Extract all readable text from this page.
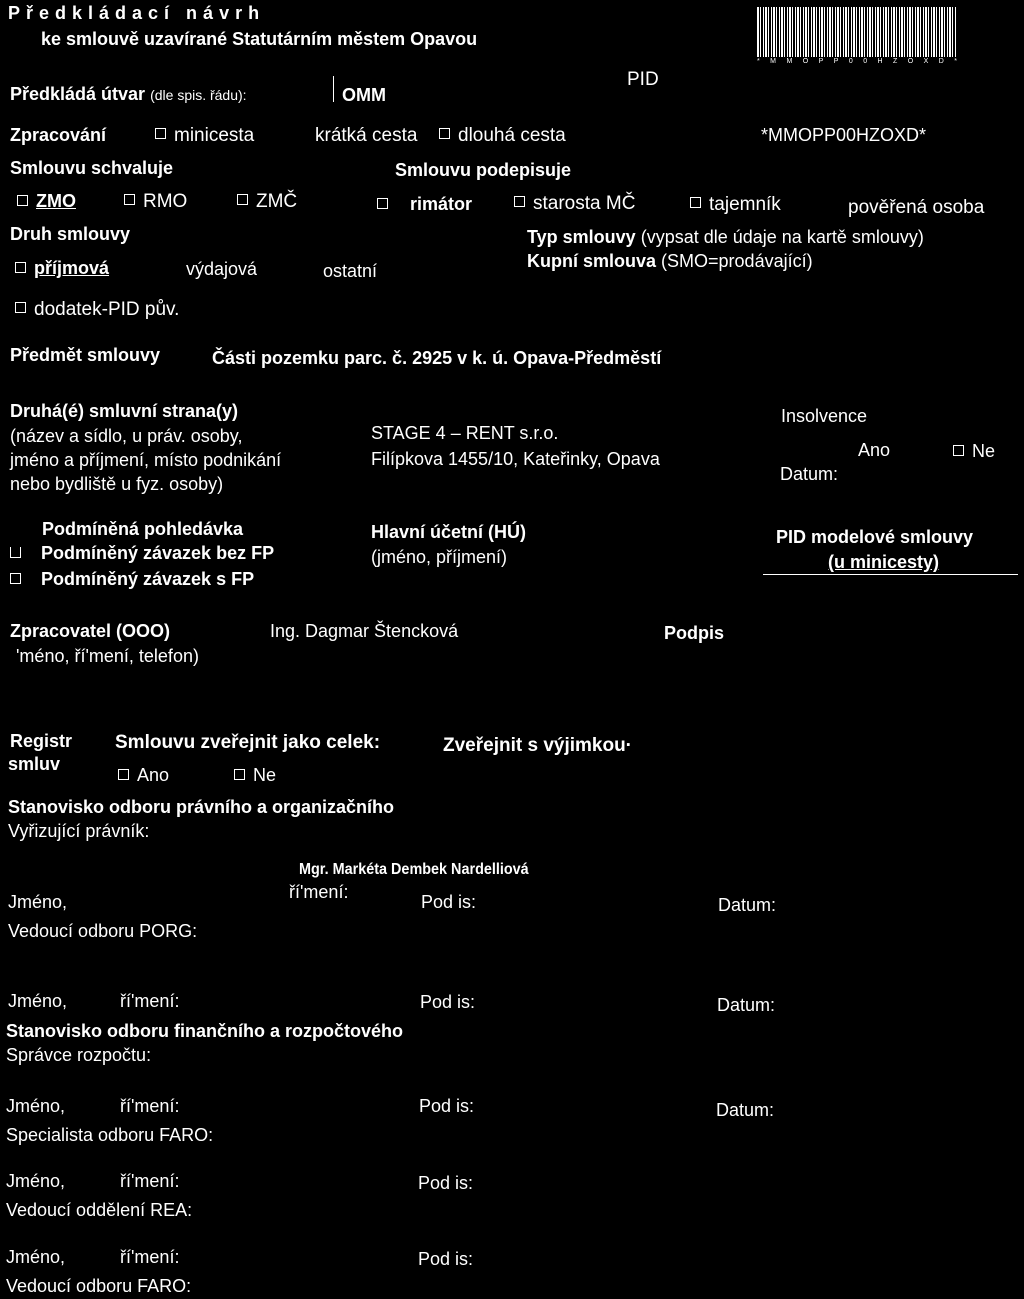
Předkládací návrh
ke smlouvě uzavírané Statutárním městem Opavou
* M M O P P 0 0 H Z O X D *
PID
Předkládá útvar (dle spis. řádu):	OMM
Zpracování	minicesta	krátká cesta	dlouhá cesta	*MMOPP00HZOXD*
Smlouvu schvaluje	Smlouvu podepisuje
ZMO	RMO	ZMČ	rimátor	starosta MČ	tajemník	pověřená osoba
Druh smlouvy	Typ smlouvy (vypsat dle údaje na kartě smlouvy)
Kupní smlouva (SMO=prodávající)
příjmová	výdajová	ostatní
dodatek-PID pův.
Předmět smlouvy	Části pozemku parc. č. 2925 v k. ú. Opava-Předměstí
Druhá(é) smluvní strana(y)
(název a sídlo, u práv. osoby,
jméno a příjmení, místo podnikání
nebo bydliště u fyz. osoby)
STAGE 4 – RENT s.r.o.
Filípkova 1455/10, Kateřinky, Opava
Insolvence
Ano	Ne
Datum:
Podmíněná pohledávka
Podmíněný závazek bez FP
Podmíněný závazek s FP
Hlavní účetní (HÚ)
(jméno, příjmení)
PID modelové smlouvy
(u minicesty)
Zpracovatel (OOO)
'méno, ří'mení, telefon)
Ing. Dagmar Štencková	Podpis
Registr
smluv
Smlouvu zveřejnit jako celek:	Zveřejnit s výjimkou·
Ano	Ne
Stanovisko odboru právního a organizačního
Vyřizující právník:
Mgr. Markéta Dembek Nardelliová
Jméno,	ří'mení:	Pod is:	Datum:
Vedoucí odboru PORG:
Jméno,	ří'mení:	Pod is:	Datum:
Stanovisko odboru finančního a rozpočtového
Správce rozpočtu:
Jméno,	ří'mení:	Pod is:	Datum:
Specialista odboru FARO:
Jméno,	ří'mení:	Pod is:
Vedoucí oddělení REA:
Jméno,	ří'mení:	Pod is:
Vedoucí odboru FARO:
